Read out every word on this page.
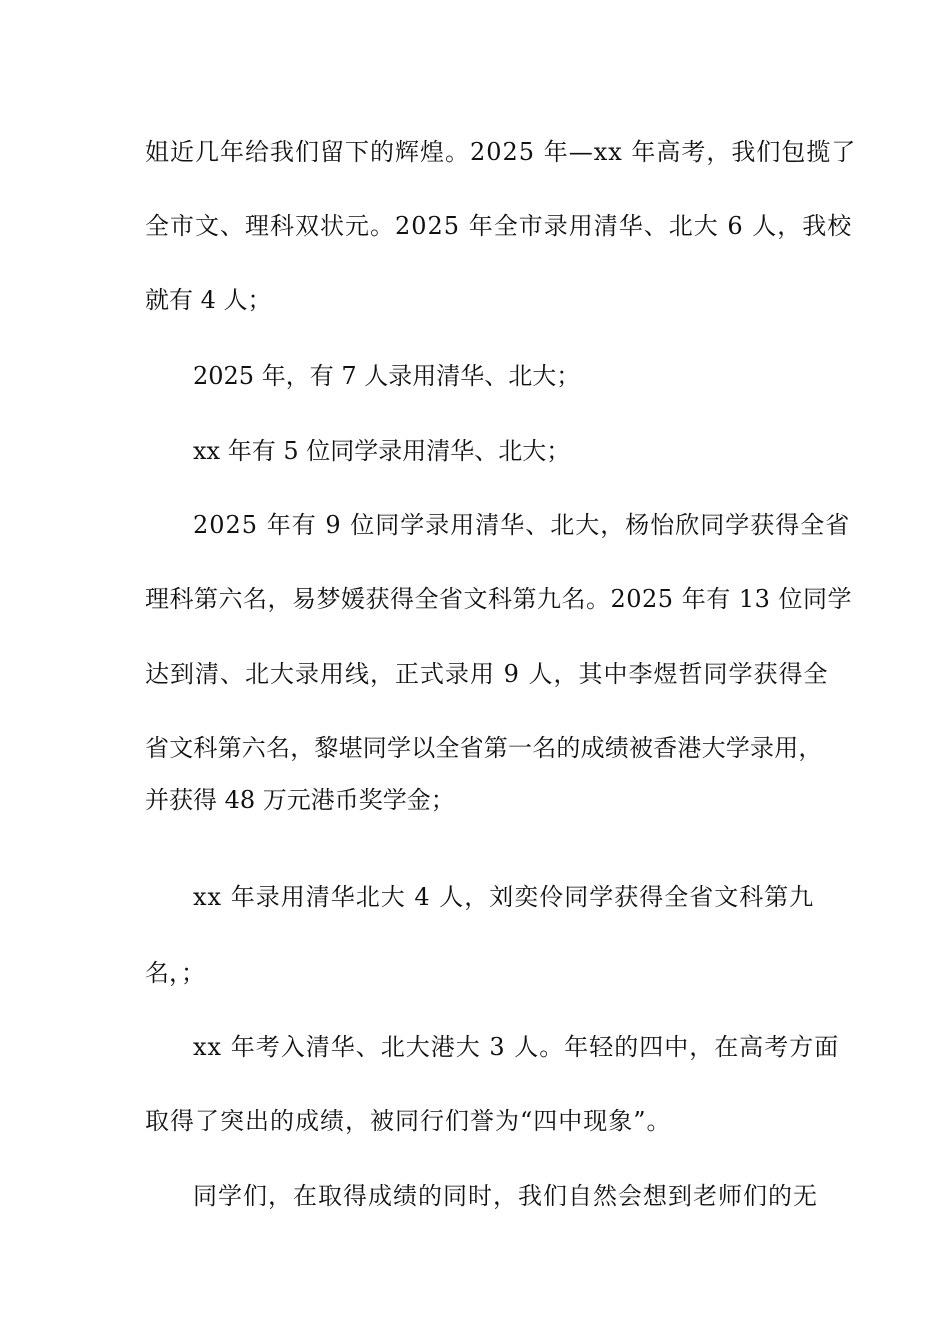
姐近几年给我们留下的辉煌。2025 年—xx 年高考，我们包揽了
全市文、理科双状元。2025 年全市录用清华、北大 6 人，我校
就有 4 人；
2025 年，有 7 人录用清华、北大；
xx 年有 5 位同学录用清华、北大；
2025 年有 9 位同学录用清华、北大，杨怡欣同学获得全省
理科第六名，易梦媛获得全省文科第九名。2025 年有 13 位同学
达到清、北大录用线，正式录用 9 人，其中李煜哲同学获得全
省文科第六名，黎堪同学以全省第一名的成绩被香港大学录用，
并获得 48 万元港币奖学金；
xx 年录用清华北大 4 人，刘奕伶同学获得全省文科第九
名，；
xx 年考入清华、北大港大 3 人。年轻的四中，在高考方面
取得了突出的成绩，被同行们誉为“四中现象”。
同学们，在取得成绩的同时，我们自然会想到老师们的无
